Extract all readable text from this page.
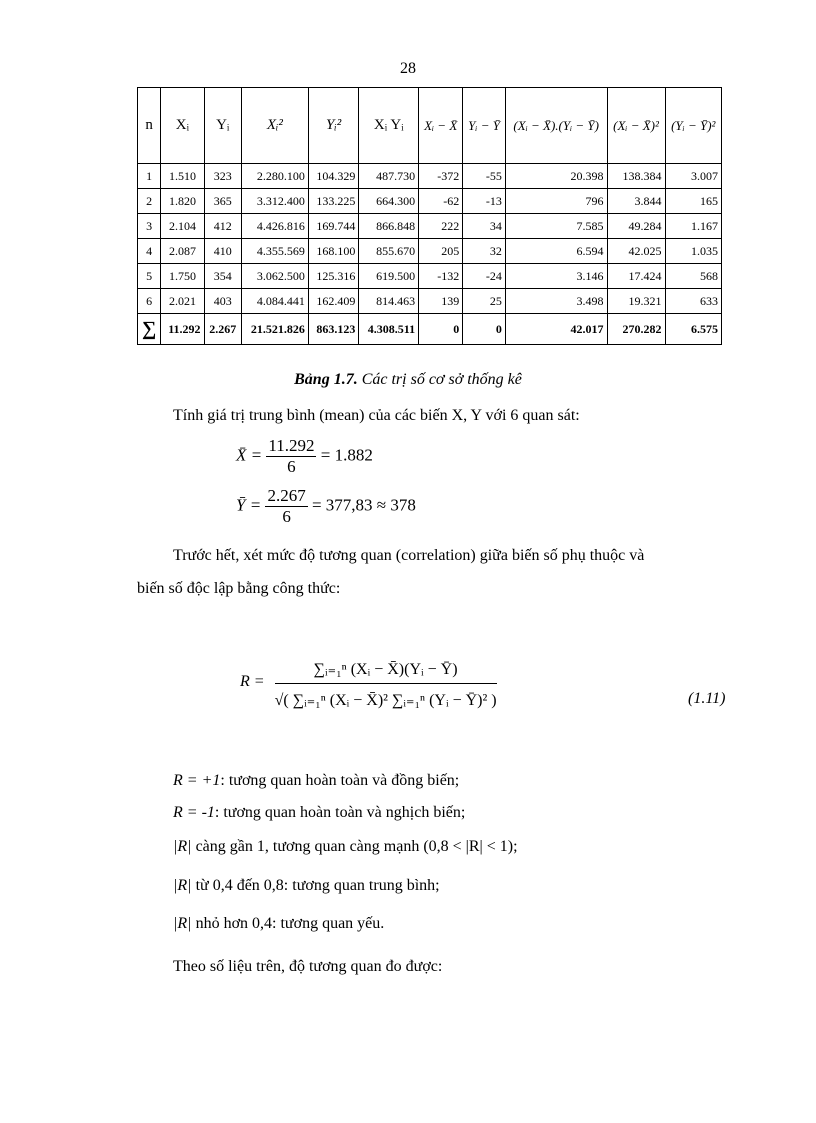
28
n	Xᵢ	Yᵢ	Xᵢ²	Yᵢ²	Xᵢ Yᵢ	Xᵢ − X̄	Yᵢ − Ȳ	(Xᵢ − X̄).(Yᵢ − Ȳ)	(Xᵢ − X̄)²	(Yᵢ − Ȳ)²
1	1.510	323	2.280.100	104.329	487.730	-372	-55	20.398	138.384	3.007
2	1.820	365	3.312.400	133.225	664.300	-62	-13	796	3.844	165
3	2.104	412	4.426.816	169.744	866.848	222	34	7.585	49.284	1.167
4	2.087	410	4.355.569	168.100	855.670	205	32	6.594	42.025	1.035
5	1.750	354	3.062.500	125.316	619.500	-132	-24	3.146	17.424	568
6	2.021	403	4.084.441	162.409	814.463	139	25	3.498	19.321	633
∑	11.292	2.267	21.521.826	863.123	4.308.511	0	0	42.017	270.282	6.575
Bảng 1.7. Các trị số cơ sở thống kê
Tính giá trị trung bình (mean) của các biến X, Y với 6 quan sát:
X̄ = $\frac{11.292}{6} = 1.882$
Ȳ = $\frac{2.267}{6} = 377,83 \approx 378$
Trước hết, xét mức độ tương quan (correlation) giữa biến số phụ thuộc và
biến số độc lập bằng công thức:
$R = \frac{\text{∑ᵢ₌₁ⁿ (Xᵢ − X̄)(Yᵢ − Ȳ)}}{\text{√( ∑ᵢ₌₁ⁿ (Xᵢ − X̄)² ∑ᵢ₌₁ⁿ (Yᵢ − Ȳ)² )}}$	(1.11)
R = +1: tương quan hoàn toàn và đồng biến;
R = -1: tương quan hoàn toàn và nghịch biến;
|R| càng gần 1, tương quan càng mạnh (0,8 < |R| < 1);
|R| từ 0,4 đến 0,8: tương quan trung bình;
|R| nhỏ hơn 0,4: tương quan yếu.
Theo số liệu trên, độ tương quan đo được:
